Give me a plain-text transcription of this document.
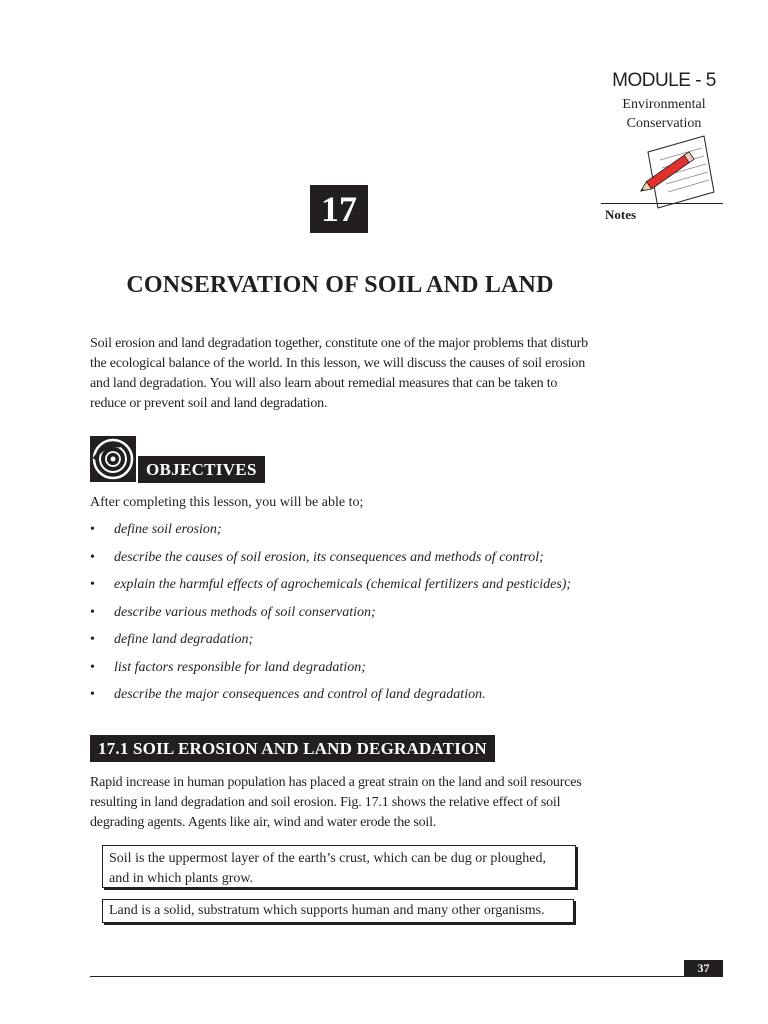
MODULE - 5
Environmental
Conservation
Notes
17
CONSERVATION OF SOIL AND LAND
Soil erosion and land degradation together, constitute one of the major problems that disturb the ecological balance of the world. In this lesson, we will discuss the causes of soil erosion and land degradation. You will also learn about remedial measures that can be taken to reduce or prevent soil and land degradation.
OBJECTIVES
After completing this lesson, you will be able to;
• define soil erosion;
• describe the causes of soil erosion, its consequences and methods of control;
• explain the harmful effects of agrochemicals (chemical fertilizers and pesticides);
• describe various methods of soil conservation;
• define land degradation;
• list factors responsible for land degradation;
• describe the major consequences and control of land degradation.
17.1 SOIL EROSION AND LAND DEGRADATION
Rapid increase in human population has placed a great strain on the land and soil resources resulting in land degradation and soil erosion. Fig. 17.1 shows the relative effect of soil degrading agents. Agents like air, wind and water erode the soil.
Soil is the uppermost layer of the earth’s crust, which can be dug or ploughed, and in which plants grow.
Land is a solid, substratum which supports human and many other organisms.
37
